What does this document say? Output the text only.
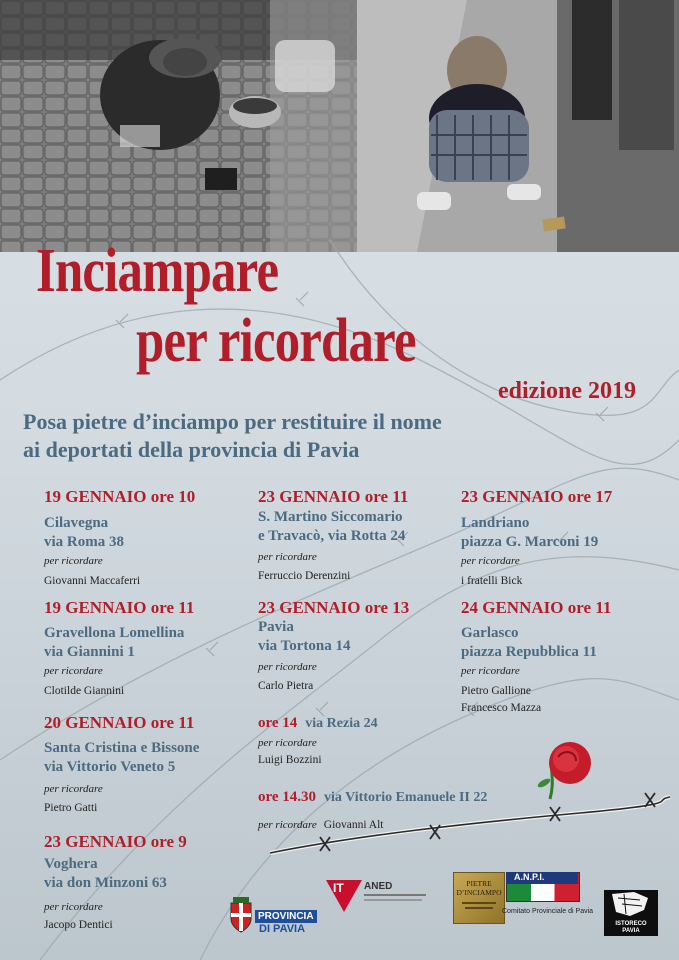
Inciampare
per ricordare
edizione 2019
Posa pietre d’inciampo per restituire il nome
ai deportati della provincia di Pavia
19 GENNAIO ore 10
Cilavegna
via Roma 38
per ricordare
Giovanni Maccaferri
19 GENNAIO ore 11
Gravellona Lomellina
via Giannini 1
per ricordare
Clotilde Giannini
20 GENNAIO ore 11
Santa Cristina e Bissone
via Vittorio Veneto 5
per ricordare
Pietro Gatti
23 GENNAIO ore 9
Voghera
via don Minzoni 63
per ricordare
Jacopo Dentici
23 GENNAIO ore 11
S. Martino Siccomario
e Travacò, via Rotta 24
per ricordare
Ferruccio Derenzini
23 GENNAIO ore 13
Pavia
via Tortona 14
per ricordare
Carlo Pietra
ore 14 via Rezia 24
per ricordare
Luigi Bozzini
ore 14.30 via Vittorio Emanuele II 22
per ricordare Giovanni Alt
23 GENNAIO ore 17
Landriano
piazza G. Marconi 19
per ricordare
i fratelli Bick
24 GENNAIO ore 11
Garlasco
piazza Repubblica 11
per ricordare
Pietro Gallione
Francesco Mazza
PROVINCIA
DI PAVIA
IT ANED	PIETRE
D’INCIAMPO
A.N.P.I.
Comitato Provinciale di Pavia
ISTORECO
PAVIA
